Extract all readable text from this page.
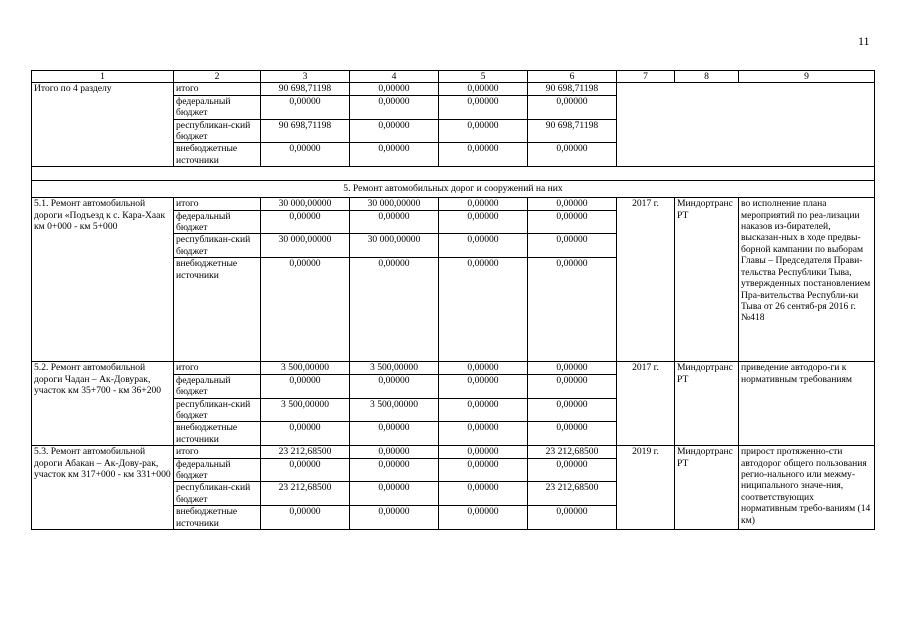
11
1	2	3	4	5	6	7	8	9
Итого по 4 разделу	итого	90 698,71198	0,00000	0,00000	90 698,71198			
	федеральный бюджет	0,00000	0,00000	0,00000	0,00000			
	республикан-ский бюджет	90 698,71198	0,00000	0,00000	90 698,71198			
	внебюджетные источники	0,00000	0,00000	0,00000	0,00000			

5. Ремонт автомобильных дорог и сооружений на них								
5.1. Ремонт автомобильной дороги «Подъезд к с. Кара-Хаак км 0+000 - км 5+000	итого	30 000,00000	30 000,00000	0,00000	0,00000	2017 г.	Миндортранс РТ	во исполнение плана мероприятий по реа-лизации наказов из-бирателей, высказан-ных в ходе предвы-борной кампании по выборам Главы – Председателя Прави-тельства Республики Тыва, утвержденных постановлением Пра-вительства Республи-ки Тыва от 26 сентяб-ря 2016 г. №418
	федеральный бюджет	0,00000	0,00000	0,00000	0,00000			
	республикан-ский бюджет	30 000,00000	30 000,00000	0,00000	0,00000			
	внебюджетные источники	0,00000	0,00000	0,00000	0,00000			
5.2. Ремонт автомобильной дороги Чадан – Ак-Довурак, участок км 35+700 - км 36+200	итого	3 500,00000	3 500,00000	0,00000	0,00000	2017 г.	Миндортранс РТ	приведение автодоро-ги к нормативным требованиям
	федеральный бюджет	0,00000	0,00000	0,00000	0,00000			
	республикан-ский бюджет	3 500,00000	3 500,00000	0,00000	0,00000			
	внебюджетные источники	0,00000	0,00000	0,00000	0,00000			
5.3. Ремонт автомобильной дороги Абакан – Ак-Дову-рак, участок км 317+000 - км 331+000	итого	23 212,68500	0,00000	0,00000	23 212,68500	2019 г.	Миндортранс РТ	прирост протяженно-сти автодорог общего пользования регио-нального или межму-ниципального значе-ния, соответствующих нормативным требо-ваниям (14 км)
	федеральный бюджет	0,00000	0,00000	0,00000	0,00000			
	республикан-ский бюджет	23 212,68500	0,00000	0,00000	23 212,68500			
	внебюджетные источники	0,00000	0,00000	0,00000	0,00000			
